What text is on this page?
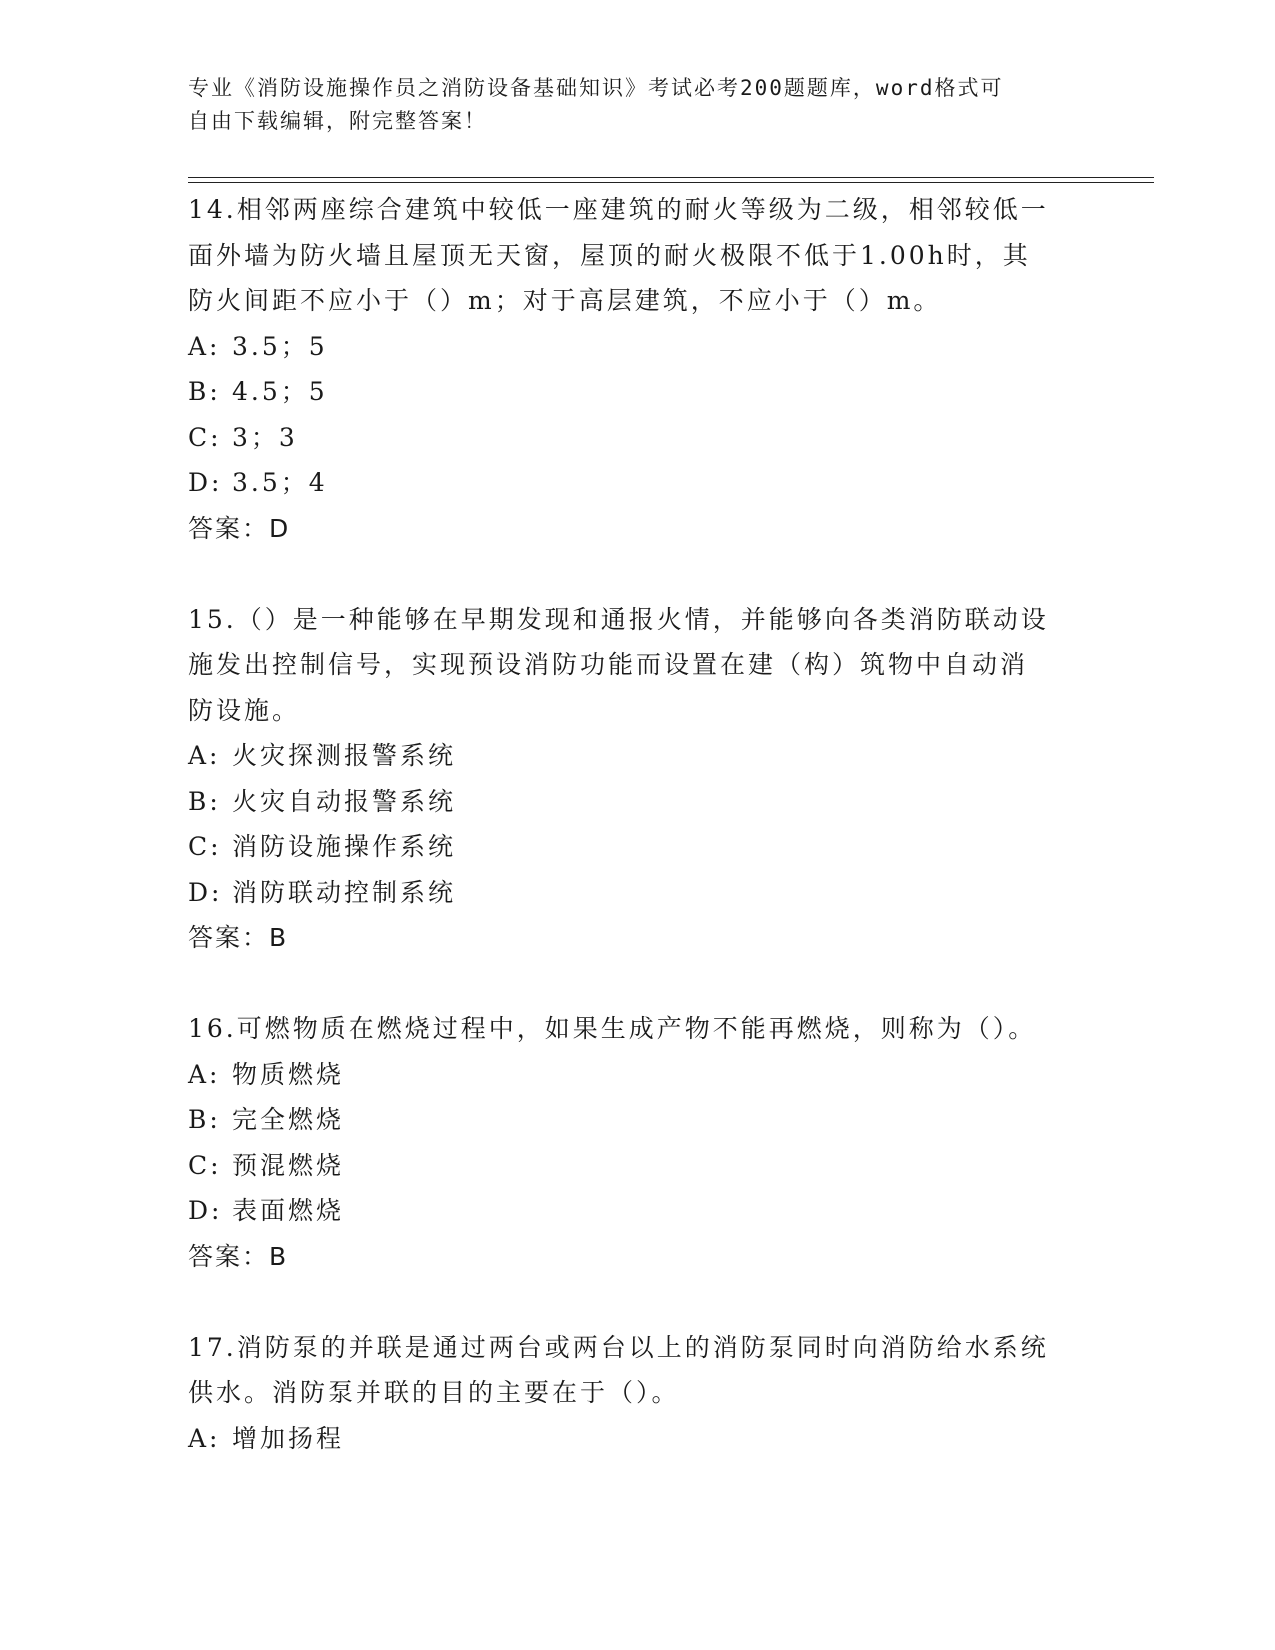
专业《消防设施操作员之消防设备基础知识》考试必考200题题库，word格式可
自由下载编辑，附完整答案！
14.相邻两座综合建筑中较低一座建筑的耐火等级为二级，相邻较低一
面外墙为防火墙且屋顶无天窗，屋顶的耐火极限不低于1.00h时，其
防火间距不应小于（）m；对于高层建筑，不应小于（）m。
A: 3.5；5
B: 4.5；5
C: 3；3
D: 3.5；4
答案：D
15.（）是一种能够在早期发现和通报火情，并能够向各类消防联动设
施发出控制信号，实现预设消防功能而设置在建（构）筑物中自动消
防设施。
A: 火灾探测报警系统
B: 火灾自动报警系统
C: 消防设施操作系统
D: 消防联动控制系统
答案：B
16.可燃物质在燃烧过程中，如果生成产物不能再燃烧，则称为（）。
A: 物质燃烧
B: 完全燃烧
C: 预混燃烧
D: 表面燃烧
答案：B
17.消防泵的并联是通过两台或两台以上的消防泵同时向消防给水系统
供水。消防泵并联的目的主要在于（）。
A: 增加扬程
